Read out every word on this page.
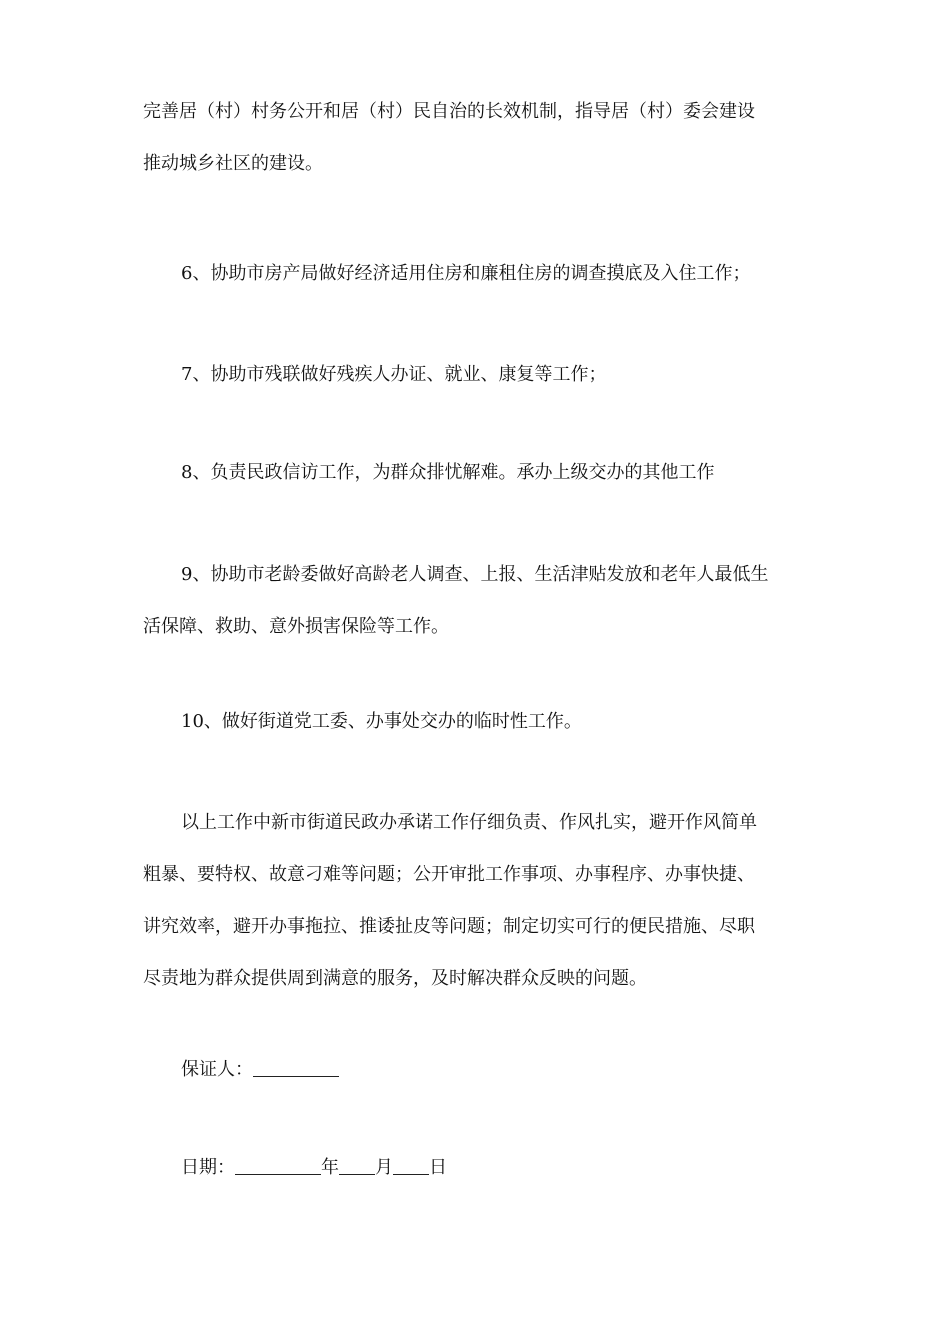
完善居（村）村务公开和居（村）民自治的长效机制，指导居（村）委会建设
推动城乡社区的建设。
6、协助市房产局做好经济适用住房和廉租住房的调查摸底及入住工作；
7、协助市残联做好残疾人办证、就业、康复等工作；
8、负责民政信访工作，为群众排忧解难。承办上级交办的其他工作
9、协助市老龄委做好高龄老人调查、上报、生活津贴发放和老年人最低生
活保障、救助、意外损害保险等工作。
10、做好街道党工委、办事处交办的临时性工作。
以上工作中新市街道民政办承诺工作仔细负责、作风扎实，避开作风简单
粗暴、要特权、故意刁难等问题；公开审批工作事项、办事程序、办事快捷、
讲究效率，避开办事拖拉、推诿扯皮等问题；制定切实可行的便民措施、尽职
尽责地为群众提供周到满意的服务，及时解决群众反映的问题。
保证人：
日期：	年 月 日
